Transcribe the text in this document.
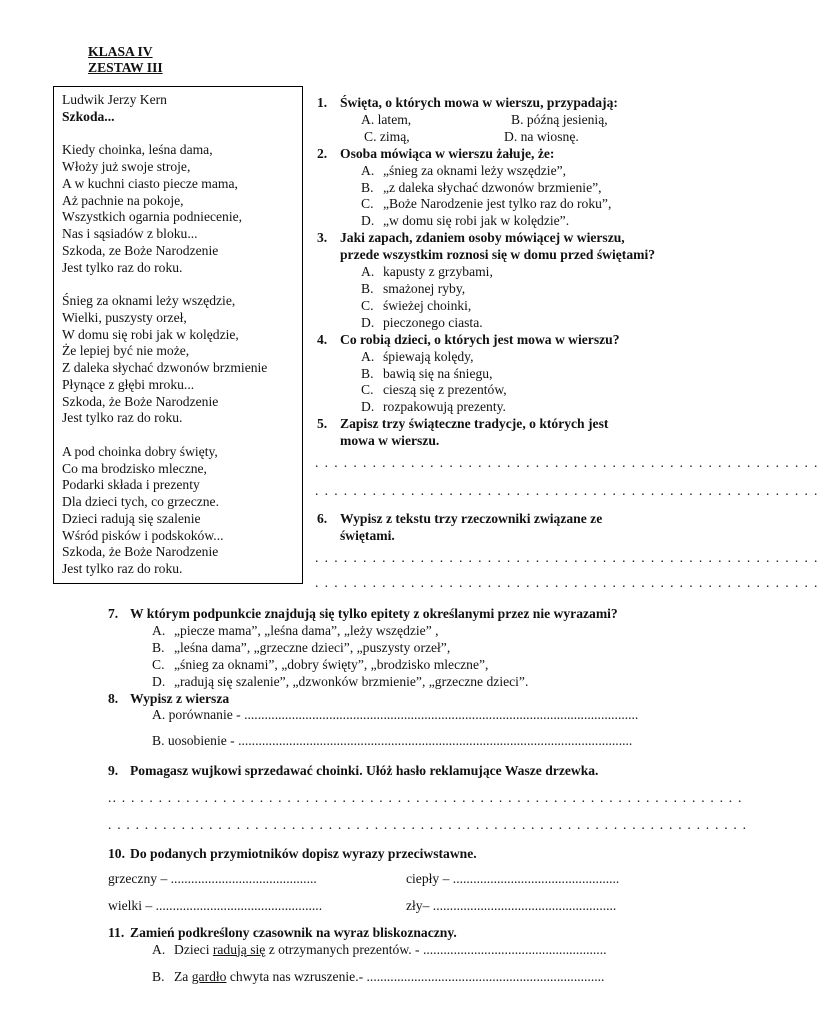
KLASA IV
ZESTAW III
Ludwik Jerzy Kern
Szkoda...
Kiedy choinka, leśna dama,
Włoży już swoje stroje,
A w kuchni ciasto piecze mama,
Aż pachnie na pokoje,
Wszystkich ogarnia podniecenie,
Nas i sąsiadów z bloku...
Szkoda, ze Boże Narodzenie
Jest tylko raz do roku.
Śnieg za oknami leży wszędzie,
Wielki, puszysty orzeł,
W domu się robi jak w kolędzie,
Że lepiej być nie może,
Z daleka słychać dzwonów brzmienie
Płynące z głębi mroku...
Szkoda, że Boże Narodzenie
Jest tylko raz do roku.
A pod choinka dobry święty,
Co ma brodzisko mleczne,
Podarki składa i prezenty
Dla dzieci tych, co grzeczne.
Dzieci radują się szalenie
Wśród pisków i podskoków...
Szkoda, że Boże Narodzenie
Jest tylko raz do roku.
1. Święta, o których mowa w wierszu, przypadają:
A. latem,	B. późną jesienią,
C. zimą,	D. na wiosnę.
2. Osoba mówiąca w wierszu żałuje, że:
A. „śnieg za oknami leży wszędzie”,
B. „z daleka słychać dzwonów brzmienie”,
C. „Boże Narodzenie jest tylko raz do roku”,
D. „w domu się robi jak w kolędzie”.
3. Jaki zapach, zdaniem osoby mówiącej w wierszu,
przede wszystkim roznosi się w domu przed świętami?
A. kapusty z grzybami,
B. smażonej ryby,
C. świeżej choinki,
D. pieczonego ciasta.
4. Co robią dzieci, o których jest mowa w wierszu?
A. śpiewają kolędy,
B. bawią się na śniegu,
C. cieszą się z prezentów,
D. rozpakowują prezenty.
5. Zapisz trzy świąteczne tradycje, o których jest
mowa w wierszu.
. . . . . . . . . . . . . . . . . . . . . . . . . . . . . . . . . . . . . . . . . . . . . . . . . . . . .
. . . . . . . . . . . . . . . . . . . . . . . . . . . . . . . . . . . . . . . . . . . . . . . . . . . . .
6. Wypisz z tekstu trzy rzeczowniki związane ze
świętami.
. . . . . . . . . . . . . . . . . . . . . . . . . . . . . . . . . . . . . . . . . . . . . . . . . . . . .
. . . . . . . . . . . . . . . . . . . . . . . . . . . . . . . . . . . . . . . . . . . . . . . . . . . . .
7. W którym podpunkcie znajdują się tylko epitety z określanymi przez nie wyrazami?
A. „piecze mama”, „leśna dama”, „leży wszędzie” ,
B. „leśna dama”, „grzeczne dzieci”, „puszysty orzeł”,
C. „śnieg za oknami”, „dobry święty”, „brodzisko mleczne”,
D. „radują się szalenie”, „dzwonków brzmienie”, „grzeczne dzieci”.
8. Wypisz z wiersza
A. porównanie - ....................................................................................................................
B. uosobienie - ....................................................................................................................
9. Pomagasz wujkowi sprzedawać choinki. Ułóż hasło reklamujące Wasze drzewka.
.. . . . . . . . . . . . . . . . . . . . . . . . . . . . . . . . . . . . . . . . . . . . . . . . . . . . . . . . . . . . . . . . . . . . .
. . . . . . . . . . . . . . . . . . . . . . . . . . . . . . . . . . . . . . . . . . . . . . . . . . . . . . . . . . . . . . . . . . . . . .
10. Do podanych przymiotników dopisz wyrazy przeciwstawne.
grzeczny – ...........................................	ciepły – .................................................
wielki – .................................................	zły– ......................................................
11. Zamień podkreślony czasownik na wyraz bliskoznaczny.
A. Dzieci radują się z otrzymanych prezentów. - ......................................................
B. Za gardło chwyta nas wzruszenie.- ......................................................................
